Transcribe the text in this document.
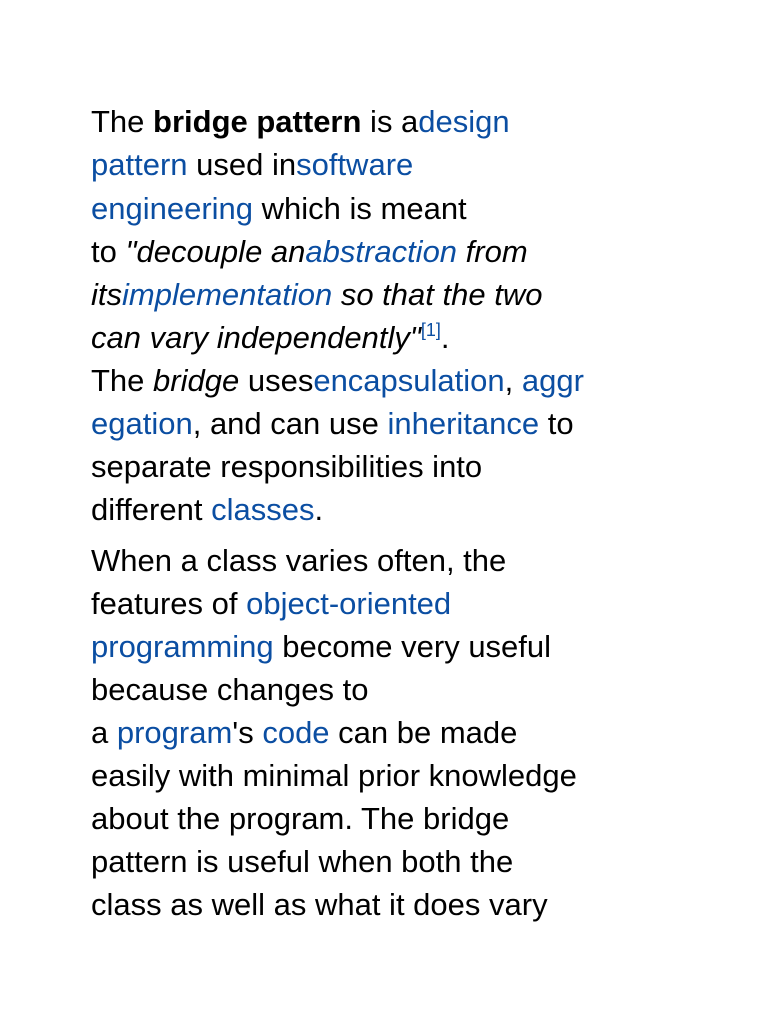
The bridge pattern is adesign
pattern used insoftware
engineering which is meant
to "decouple anabstraction from
itsimplementation so that the two
can vary independently"[1].
The bridge usesencapsulation, aggr
egation, and can use inheritance to
separate responsibilities into
different classes.
When a class varies often, the
features of object-oriented
programming become very useful
because changes to
a program's code can be made
easily with minimal prior knowledge
about the program. The bridge
pattern is useful when both the
class as well as what it does vary
